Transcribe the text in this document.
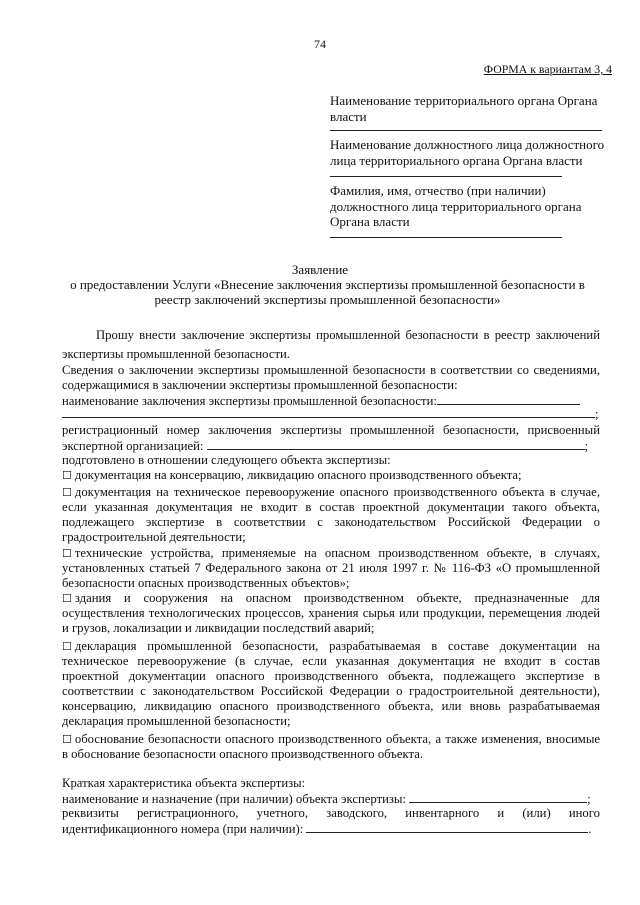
74
ФОРМА к вариантам 3, 4
Наименование территориального органа Органа власти
Наименование должностного лица должностного лица территориального органа Органа власти
Фамилия, имя, отчество (при наличии) должностного лица территориального органа Органа власти
Заявление
о предоставлении Услуги «Внесение заключения экспертизы промышленной безопасности в реестр заключений экспертизы промышленной безопасности»
Прошу внести заключение экспертизы промышленной безопасности в реестр заключений экспертизы промышленной безопасности.
Сведения о заключении экспертизы промышленной безопасности в соответствии со сведениями, содержащимися в заключении экспертизы промышленной безопасности:
наименование заключения экспертизы промышленной безопасности:
;
регистрационный номер заключения экспертизы промышленной безопасности, присвоенный экспертной организацией:	;
подготовлено в отношении следующего объекта экспертизы:
☐ документация на консервацию, ликвидацию опасного производственного объекта;
☐ документация на техническое перевооружение опасного производственного объекта в случае, если указанная документация не входит в состав проектной документации такого объекта, подлежащего экспертизе в соответствии с законодательством Российской Федерации о градостроительной деятельности;
☐ технические устройства, применяемые на опасном производственном объекте, в случаях, установленных статьей 7 Федерального закона от 21 июля 1997 г. № 116-ФЗ «О промышленной безопасности опасных производственных объектов»;
☐ здания и сооружения на опасном производственном объекте, предназначенные для осуществления технологических процессов, хранения сырья или продукции, перемещения людей и грузов, локализации и ликвидации последствий аварий;
☐ декларация промышленной безопасности, разрабатываемая в составе документации на техническое перевооружение (в случае, если указанная документация не входит в состав проектной документации опасного производственного объекта, подлежащего экспертизе в соответствии с законодательством Российской Федерации о градостроительной деятельности), консервацию, ликвидацию опасного производственного объекта, или вновь разрабатываемая декларация промышленной безопасности;
☐ обоснование безопасности опасного производственного объекта, а также изменения, вносимые в обоснование безопасности опасного производственного объекта.
Краткая характеристика объекта экспертизы:
наименование и назначение (при наличии) объекта экспертизы:	;
реквизиты регистрационного, учетного, заводского, инвентарного и (или) иного идентификационного номера (при наличии):	.
